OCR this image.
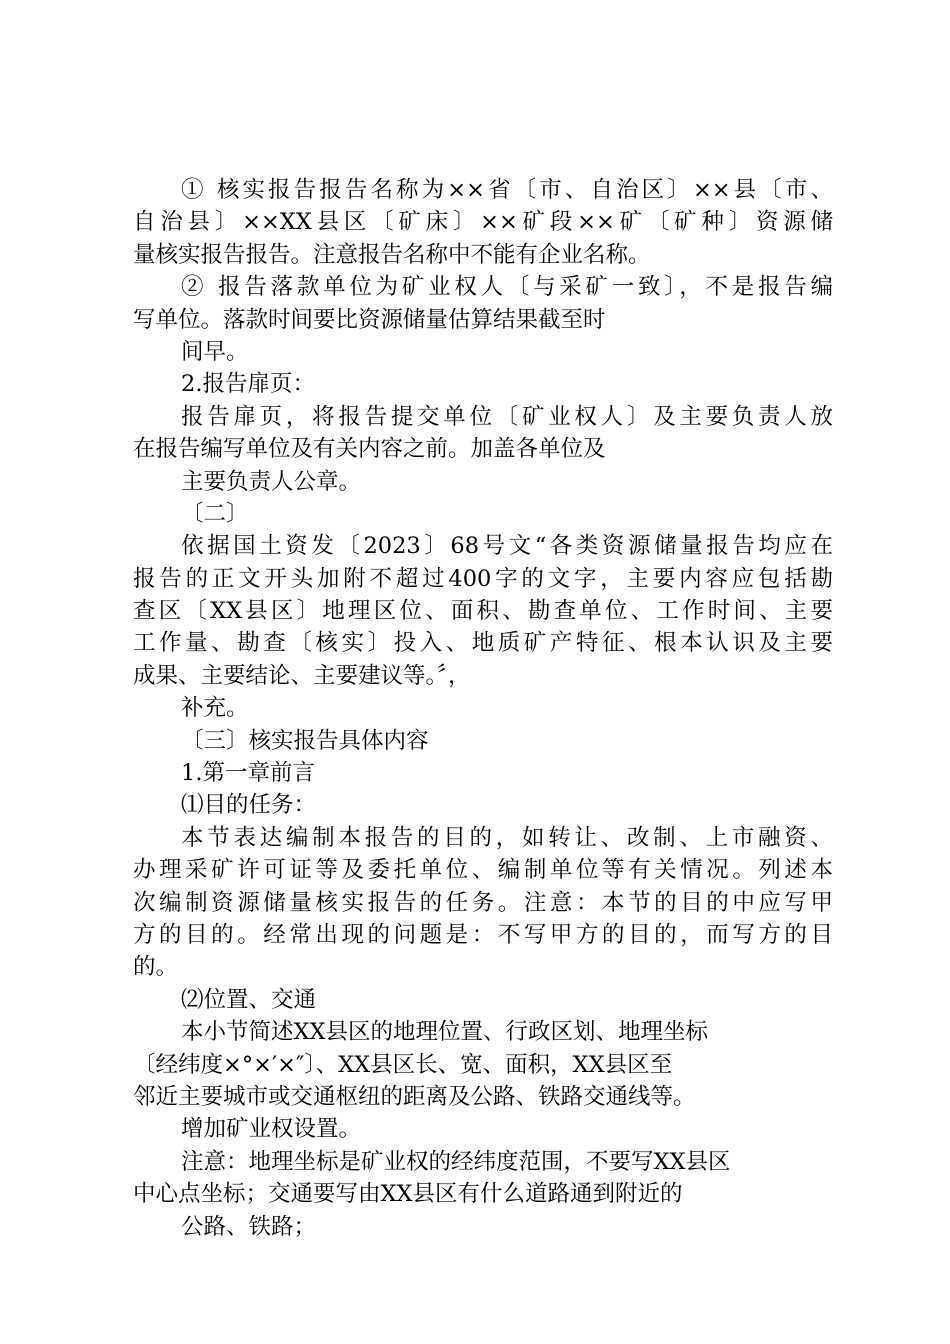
① 核实报告报告名称为××省〔市、自治区〕××县〔市、
自治县〕××XX县区〔矿床〕××矿段××矿〔矿种〕资源储
量核实报告报告。注意报告名称中不能有企业名称。
② 报告落款单位为矿业权人〔与采矿一致〕，不是报告编
写单位。落款时间要比资源储量估算结果截至时
间早。
2.报告扉页：
报告扉页，将报告提交单位〔矿业权人〕及主要负责人放
在报告编写单位及有关内容之前。加盖各单位及
主要负责人公章。
〔二〕
依据国土资发〔2023〕68号文“各类资源储量报告均应在
报告的正文开头加附不超过400字的文字，主要内容应包括勘
查区〔XX县区〕地理区位、面积、勘查单位、工作时间、主要
工作量、勘查〔核实〕投入、地质矿产特征、根本认识及主要
成果、主要结论、主要建议等。〞，
补充。
〔三〕核实报告具体内容
1.第一章前言
⑴目的任务：
本节表达编制本报告的目的，如转让、改制、上市融资、
办理采矿许可证等及委托单位、编制单位等有关情况。列述本
次编制资源储量核实报告的任务。注意：本节的目的中应写甲
方的目的。经常出现的问题是：不写甲方的目的，而写方的目
的。
⑵位置、交通
本小节简述XX县区的地理位置、行政区划、地理坐标
〔经纬度×°×′×″〕、XX县区长、宽、面积，XX县区至
邻近主要城市或交通枢纽的距离及公路、铁路交通线等。
增加矿业权设置。
注意：地理坐标是矿业权的经纬度范围，不要写XX县区
中心点坐标；交通要写由XX县区有什么道路通到附近的
公路、铁路；
